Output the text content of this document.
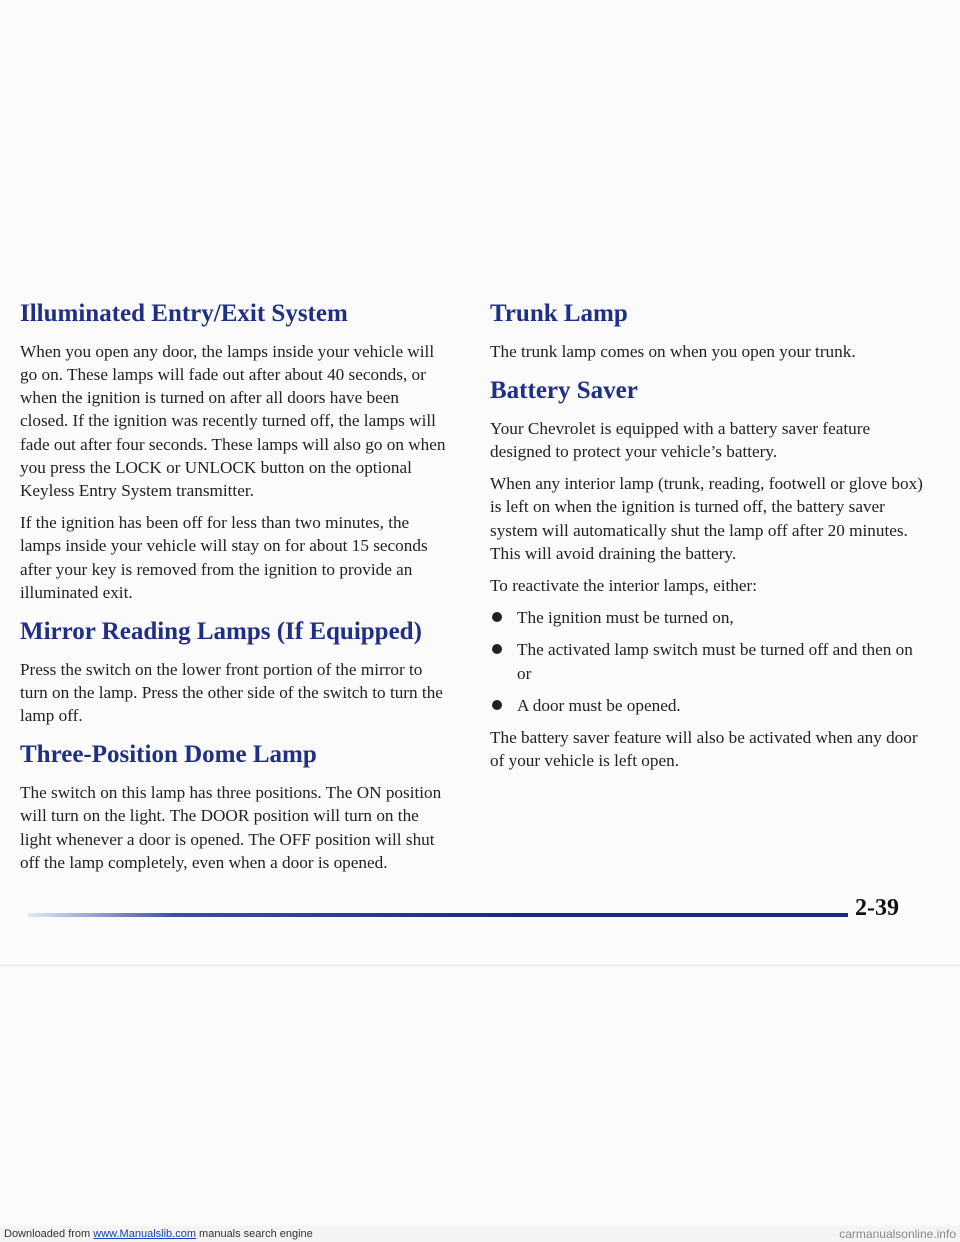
Illuminated Entry/Exit System

When you open any door, the lamps inside your vehicle will go on. These lamps will fade out after about 40 seconds, or when the ignition is turned on after all doors have been closed. If the ignition was recently turned off, the lamps will fade out after four seconds. These lamps will also go on when you press the LOCK or UNLOCK button on the optional Keyless Entry System transmitter.

If the ignition has been off for less than two minutes, the lamps inside your vehicle will stay on for about 15 seconds after your key is removed from the ignition to provide an illuminated exit.

Mirror Reading Lamps (If Equipped)

Press the switch on the lower front portion of the mirror to turn on the lamp. Press the other side of the switch to turn the lamp off.

Three-Position Dome Lamp

The switch on this lamp has three positions. The ON position will turn on the light. The DOOR position will turn on the light whenever a door is opened. The OFF position will shut off the lamp completely, even when a door is opened.

Trunk Lamp

The trunk lamp comes on when you open your trunk.

Battery Saver

Your Chevrolet is equipped with a battery saver feature designed to protect your vehicle’s battery.

When any interior lamp (trunk, reading, footwell or glove box) is left on when the ignition is turned off, the battery saver system will automatically shut the lamp off after 20 minutes. This will avoid draining the battery.

To reactivate the interior lamps, either:

The ignition must be turned on,
The activated lamp switch must be turned off and then on or
A door must be opened.

The battery saver feature will also be activated when any door of your vehicle is left open.

2-39
Downloaded from www.Manualslib.com manuals search engine	carmanualsonline.info
